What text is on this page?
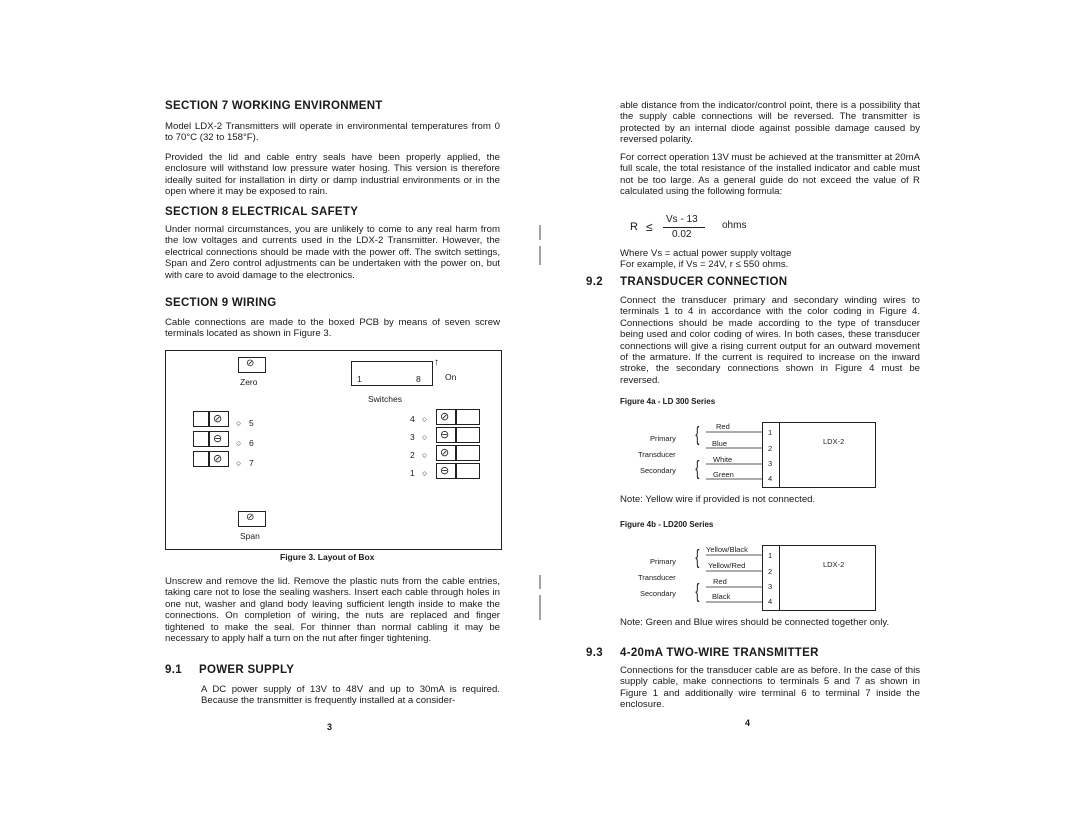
SECTION 7 WORKING ENVIRONMENT

Model LDX-2 Transmitters will operate in environmental temperatures from 0 to 70°C (32 to 158°F).

Provided the lid and cable entry seals have been properly applied, the enclosure will withstand low pressure water hosing. This version is therefore ideally suited for installation in dirty or damp industrial environments or in the open where it may be exposed to rain.

SECTION 8 ELECTRICAL SAFETY

Under normal circumstances, you are unlikely to come to any real harm from the low voltages and currents used in the LDX-2 Transmitter. However, the electrical connections should be made with the power off. The switch settings, Span and Zero control adjustments can be undertaken with the power on, but with care to avoid damage to the electronics.

SECTION 9 WIRING

Cable connections are made to the boxed PCB by means of seven screw terminals located as shown in Figure 3.

⊘
Zero	1	8
↑
On
Switches
⊘
⊖
⊘
○
○
○
5
6
7
4
3
2
1
○
○
○
○
⊘
⊖
⊘
⊖
⊘
Span
Figure 3. Layout of Box

Unscrew and remove the lid. Remove the plastic nuts from the cable entries, taking care not to lose the sealing washers. Insert each cable through holes in one nut, washer and gland body leaving sufficient length inside to make the connections. On completion of wiring, the nuts are replaced and finger tightened to make the seal. For thinner than normal cabling it may be necessary to apply half a turn on the nut after finger tightening.

9.1 POWER SUPPLY

A DC power supply of 13V to 48V and up to 30mA is required. Because the transmitter is frequently installed at a consider-

3

able distance from the indicator/control point, there is a possibility that the supply cable connections will be reversed. The transmitter is protected by an internal diode against possible damage caused by reversed polarity.

For correct operation 13V must be achieved at the transmitter at 20mA full scale, the total resistance of the installed indicator and cable must not be too large. As a general guide do not exceed the value of R calculated using the following formula:

R ≤
Vs - 13
0.02
ohms

Where Vs = actual power supply voltage

For example, if Vs = 24V, r ≤ 550 ohms.

9.2 TRANSDUCER CONNECTION

Connect the transducer primary and secondary winding wires to terminals 1 to 4 in accordance with the color coding in Figure 4. Connections should be made according to the type of transducer being used and color coding of wires. In both cases, these transducer connections will give a rising current output for an outward movement of the armature. If the current is required to increase on the inward stroke, the secondary connections shown in Figure 4 must be reversed.

Figure 4a - LD 300 Series
Primary
Transducer
Secondary
{
{
Red
Blue
White
Green
1
2
3
4
LDX-2

Note: Yellow wire if provided is not connected.

Figure 4b - LD200 Series
Primary
Transducer
Secondary
{
{
Yellow/Black
Yellow/Red
Red
Black
1
2
3
4
LDX-2

Note: Green and Blue wires should be connected together only.

9.3 4-20mA TWO-WIRE TRANSMITTER

Connections for the transducer cable are as before. In the case of this supply cable, make connections to terminals 5 and 7 as shown in Figure 1 and additionally wire terminal 6 to terminal 7 inside the enclosure.

4
